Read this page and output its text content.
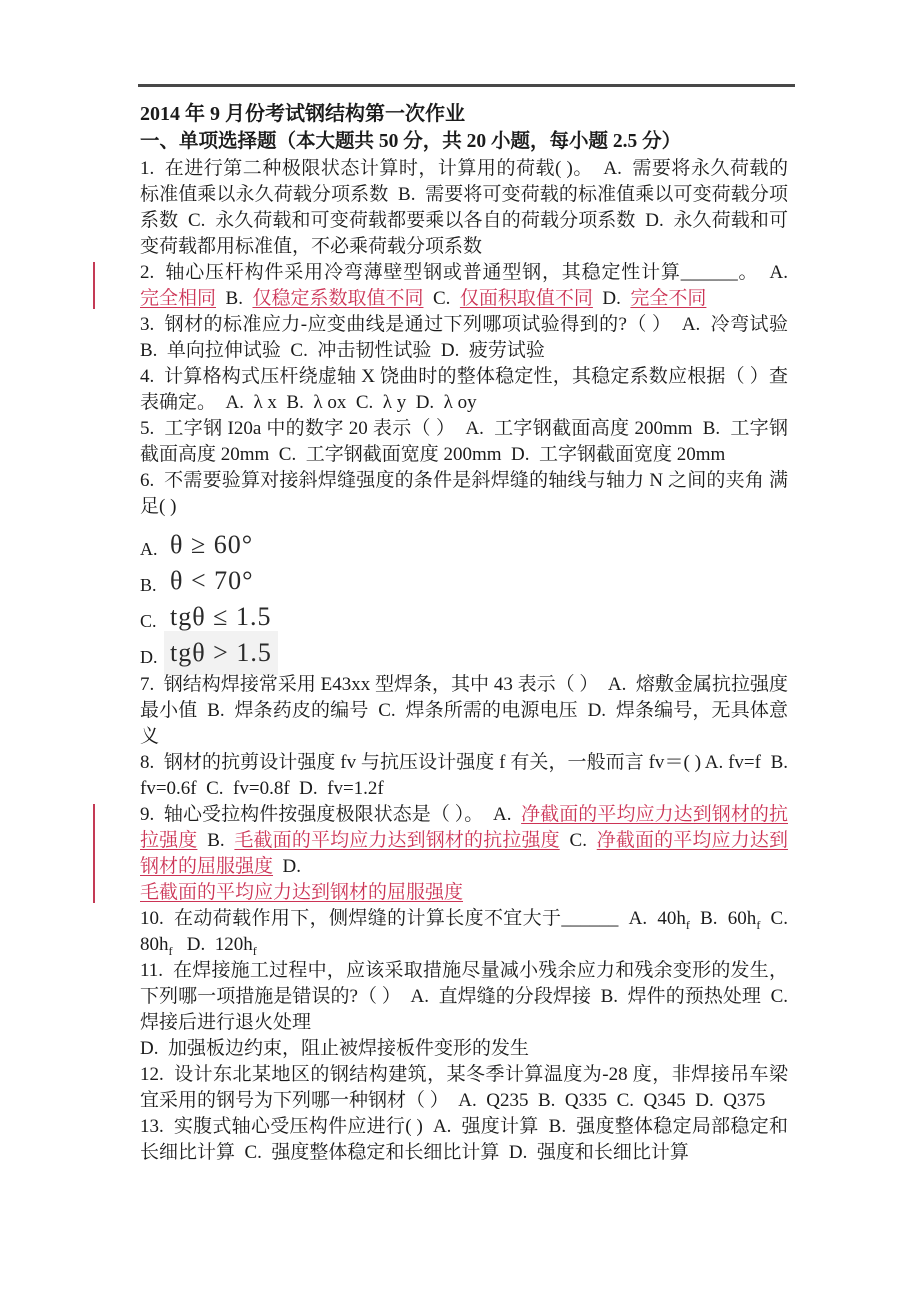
2014 年 9 月份考试钢结构第一次作业

一、单项选择题（本大题共 50 分，共 20 小题，每小题 2.5 分）

1.  在进行第二种极限状态计算时，计算用的荷载( )。  A.  需要将永久荷载的标准值乘以永久荷载分项系数  B.  需要将可变荷载的标准值乘以可变荷载分项系数  C.  永久荷载和可变荷载都要乘以各自的荷载分项系数  D.  永久荷载和可变荷载都用标准值，不必乘荷载分项系数

2.  轴心压杆构件采用冷弯薄壁型钢或普通型钢，其稳定性计算______。  A.  完全相同  B.  仅稳定系数取值不同  C.  仅面积取值不同  D.  完全不同

3.  钢材的标准应力-应变曲线是通过下列哪项试验得到的?（ ）  A.  冷弯试验  B.  单向拉伸试验  C.  冲击韧性试验  D.  疲劳试验

4.  计算格构式压杆绕虚轴 X 饶曲时的整体稳定性，其稳定系数应根据（ ）查表确定。  A.  λ x  B.  λ ox  C.  λ y  D.  λ oy

5.  工字钢 I20a 中的数字 20 表示（ ）  A.  工字钢截面高度 200mm  B.  工字钢截面高度 20mm  C.  工字钢截面宽度 200mm  D.  工字钢截面宽度 20mm

6.  不需要验算对接斜焊缝强度的条件是斜焊缝的轴线与轴力 N 之间的夹角 满足( )

A. θ ≥ 60°
B. θ < 70°
C. tgθ ≤ 1.5
D. tgθ > 1.5

7.  钢结构焊接常采用 E43xx 型焊条，其中 43 表示（ ）  A.  熔敷金属抗拉强度最小值  B.  焊条药皮的编号  C.  焊条所需的电源电压  D.  焊条编号，无具体意义

8.  钢材的抗剪设计强度 fv 与抗压设计强度 f 有关，一般而言 fv＝( ) A. fv=f  B.  fv=0.6f  C.  fv=0.8f  D.  fv=1.2f

9.  轴心受拉构件按强度极限状态是（ ）。  A.  净截面的平均应力达到钢材的抗拉强度  B.  毛截面的平均应力达到钢材的抗拉强度  C.  净截面的平均应力达到钢材的屈服强度  D.
毛截面的平均应力达到钢材的屈服强度

10.  在动荷载作用下，侧焊缝的计算长度不宜大于______  A.  $40h_f$  B.  $60h_f$  C.  $80h_f$   D.  $120h_f$

11.  在焊接施工过程中，应该采取措施尽量减小残余应力和残余变形的发生，下列哪一项措施是错误的?（ ）  A.  直焊缝的分段焊接  B.  焊件的预热处理  C.  焊接后进行退火处理

D.  加强板边约束，阻止被焊接板件变形的发生

12.  设计东北某地区的钢结构建筑，某冬季计算温度为-28 度，非焊接吊车梁宜采用的钢号为下列哪一种钢材（ ）  A.  Q235  B.  Q335  C.  Q345  D.  Q375

13.  实腹式轴心受压构件应进行( )  A.  强度计算  B.  强度整体稳定局部稳定和长细比计算  C.  强度整体稳定和长细比计算  D.  强度和长细比计算
